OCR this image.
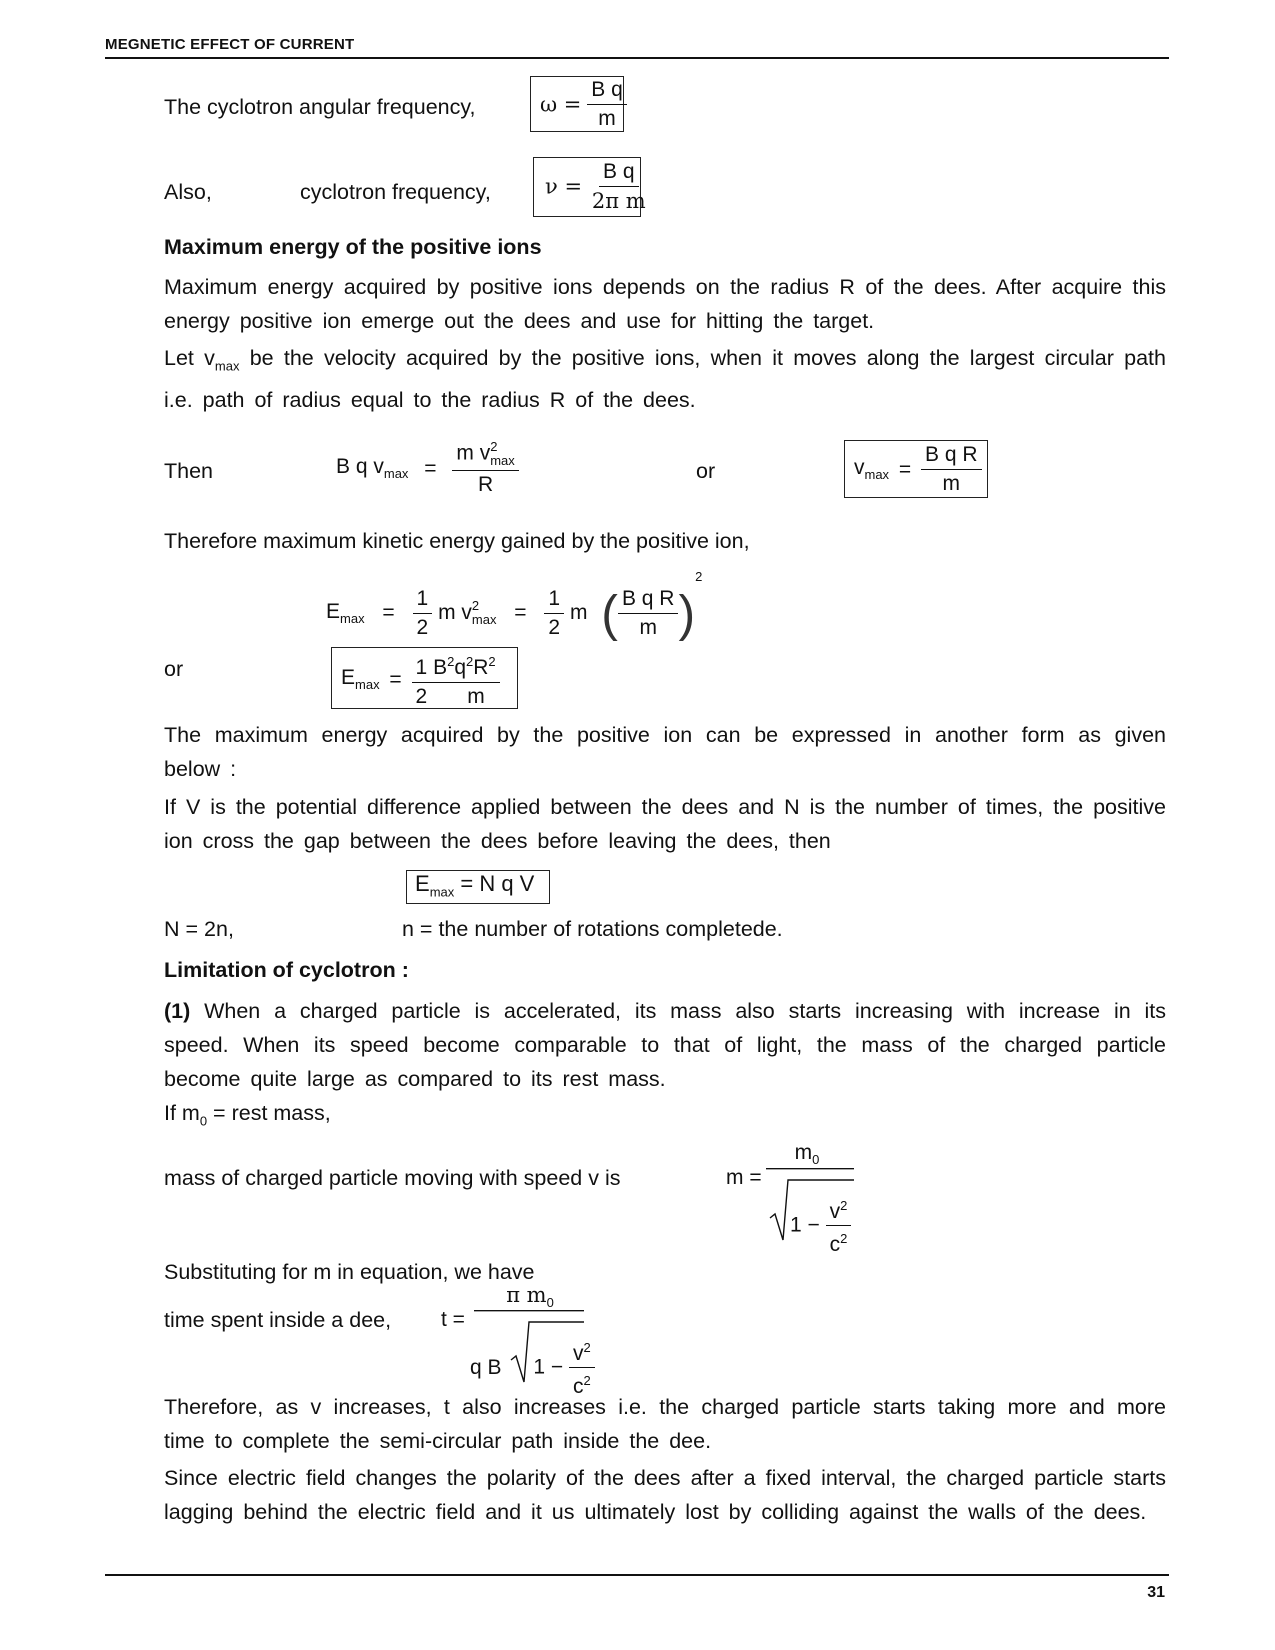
MEGNETIC EFFECT OF CURRENT
The cyclotron angular frequency,	$\omega = \frac{\text{B q}}{m}$
Also,	cyclotron frequency,	$\nu = \frac{\text{B q}}{\text{2π m}}$
Maximum energy of the positive ions
Maximum energy acquired by positive ions depends on the radius R of the dees. After acquire this energy positive ion emerge out the dees and use for hitting the target.
Let $v_{max}$ be the velocity acquired by the positive ions, when it moves along the largest circular path i.e. path of radius equal to the radius R of the dees.
Then	B q $v_{max} = m$ v 2
max
R	or	$v_{max} = \frac{\text{B q R}}{m}$
Therefore maximum kinetic energy gained by the positive ion,
$E_{max} = \frac{1}{2}$ m v 2
$\max = \frac{1}{2}$ m ( $\frac{\text{B q R}}{m} )^2$
or	$E_{max} = \frac{1 B^2q^2R^2}{2 m}$
The maximum energy acquired by the positive ion can be expressed in another form as given below :
If V is the potential difference applied between the dees and N is the number of times, the positive ion cross the gap between the dees before leaving the dees, then
$E_{max} = N$ q V
N = 2n,	n = the number of rotations completede.
Limitation of cyclotron :
(1) When a charged particle is accelerated, its mass also starts increasing with increase in its speed. When its speed become comparable to that of light, the mass of the charged particle become quite large as compared to its rest mass.
If $m_0$ = rest mass,
mass of charged particle moving with speed v is	m =
$m_0$
$1 - \frac{v^2}{c^2}$
Substituting for m in equation, we have
time spent inside a dee, t =
π $m_0$
q B $1 - \frac{v^2}{c^2}$
Therefore, as v increases, t also increases i.e. the charged particle starts taking more and more time to complete the semi-circular path inside the dee.
Since electric field changes the polarity of the dees after a fixed interval, the charged particle starts lagging behind the electric field and it us ultimately lost by colliding against the walls of the dees.
31
